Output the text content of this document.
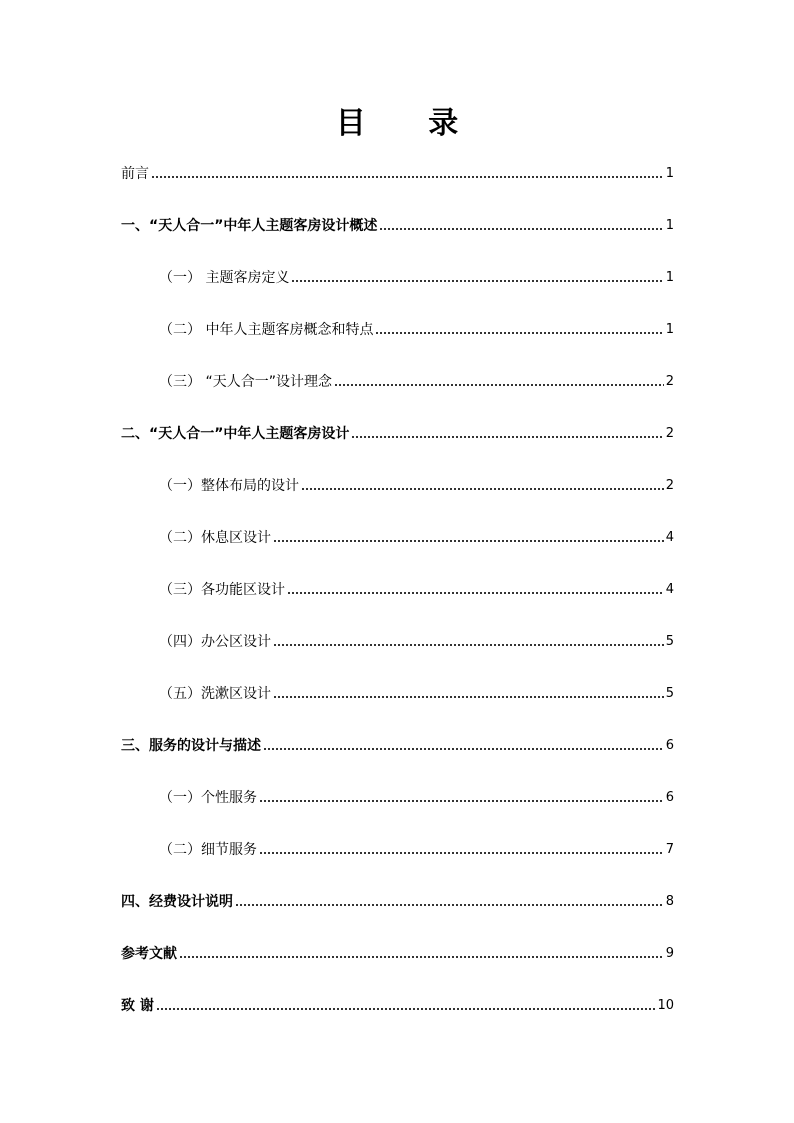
目 录
前言	1
一、“天人合一”中年人主题客房设计概述	1
（一） 主题客房定义	1
（二） 中年人主题客房概念和特点	1
（三） “天人合一”设计理念	2
二、“天人合一”中年人主题客房设计	2
（一）整体布局的设计	2
（二）休息区设计	4
（三）各功能区设计	4
（四）办公区设计	5
（五）洗漱区设计	5
三、服务的设计与描述	6
（一）个性服务	6
（二）细节服务	7
四、经费设计说明	8
参考文献	9
致 谢	10
